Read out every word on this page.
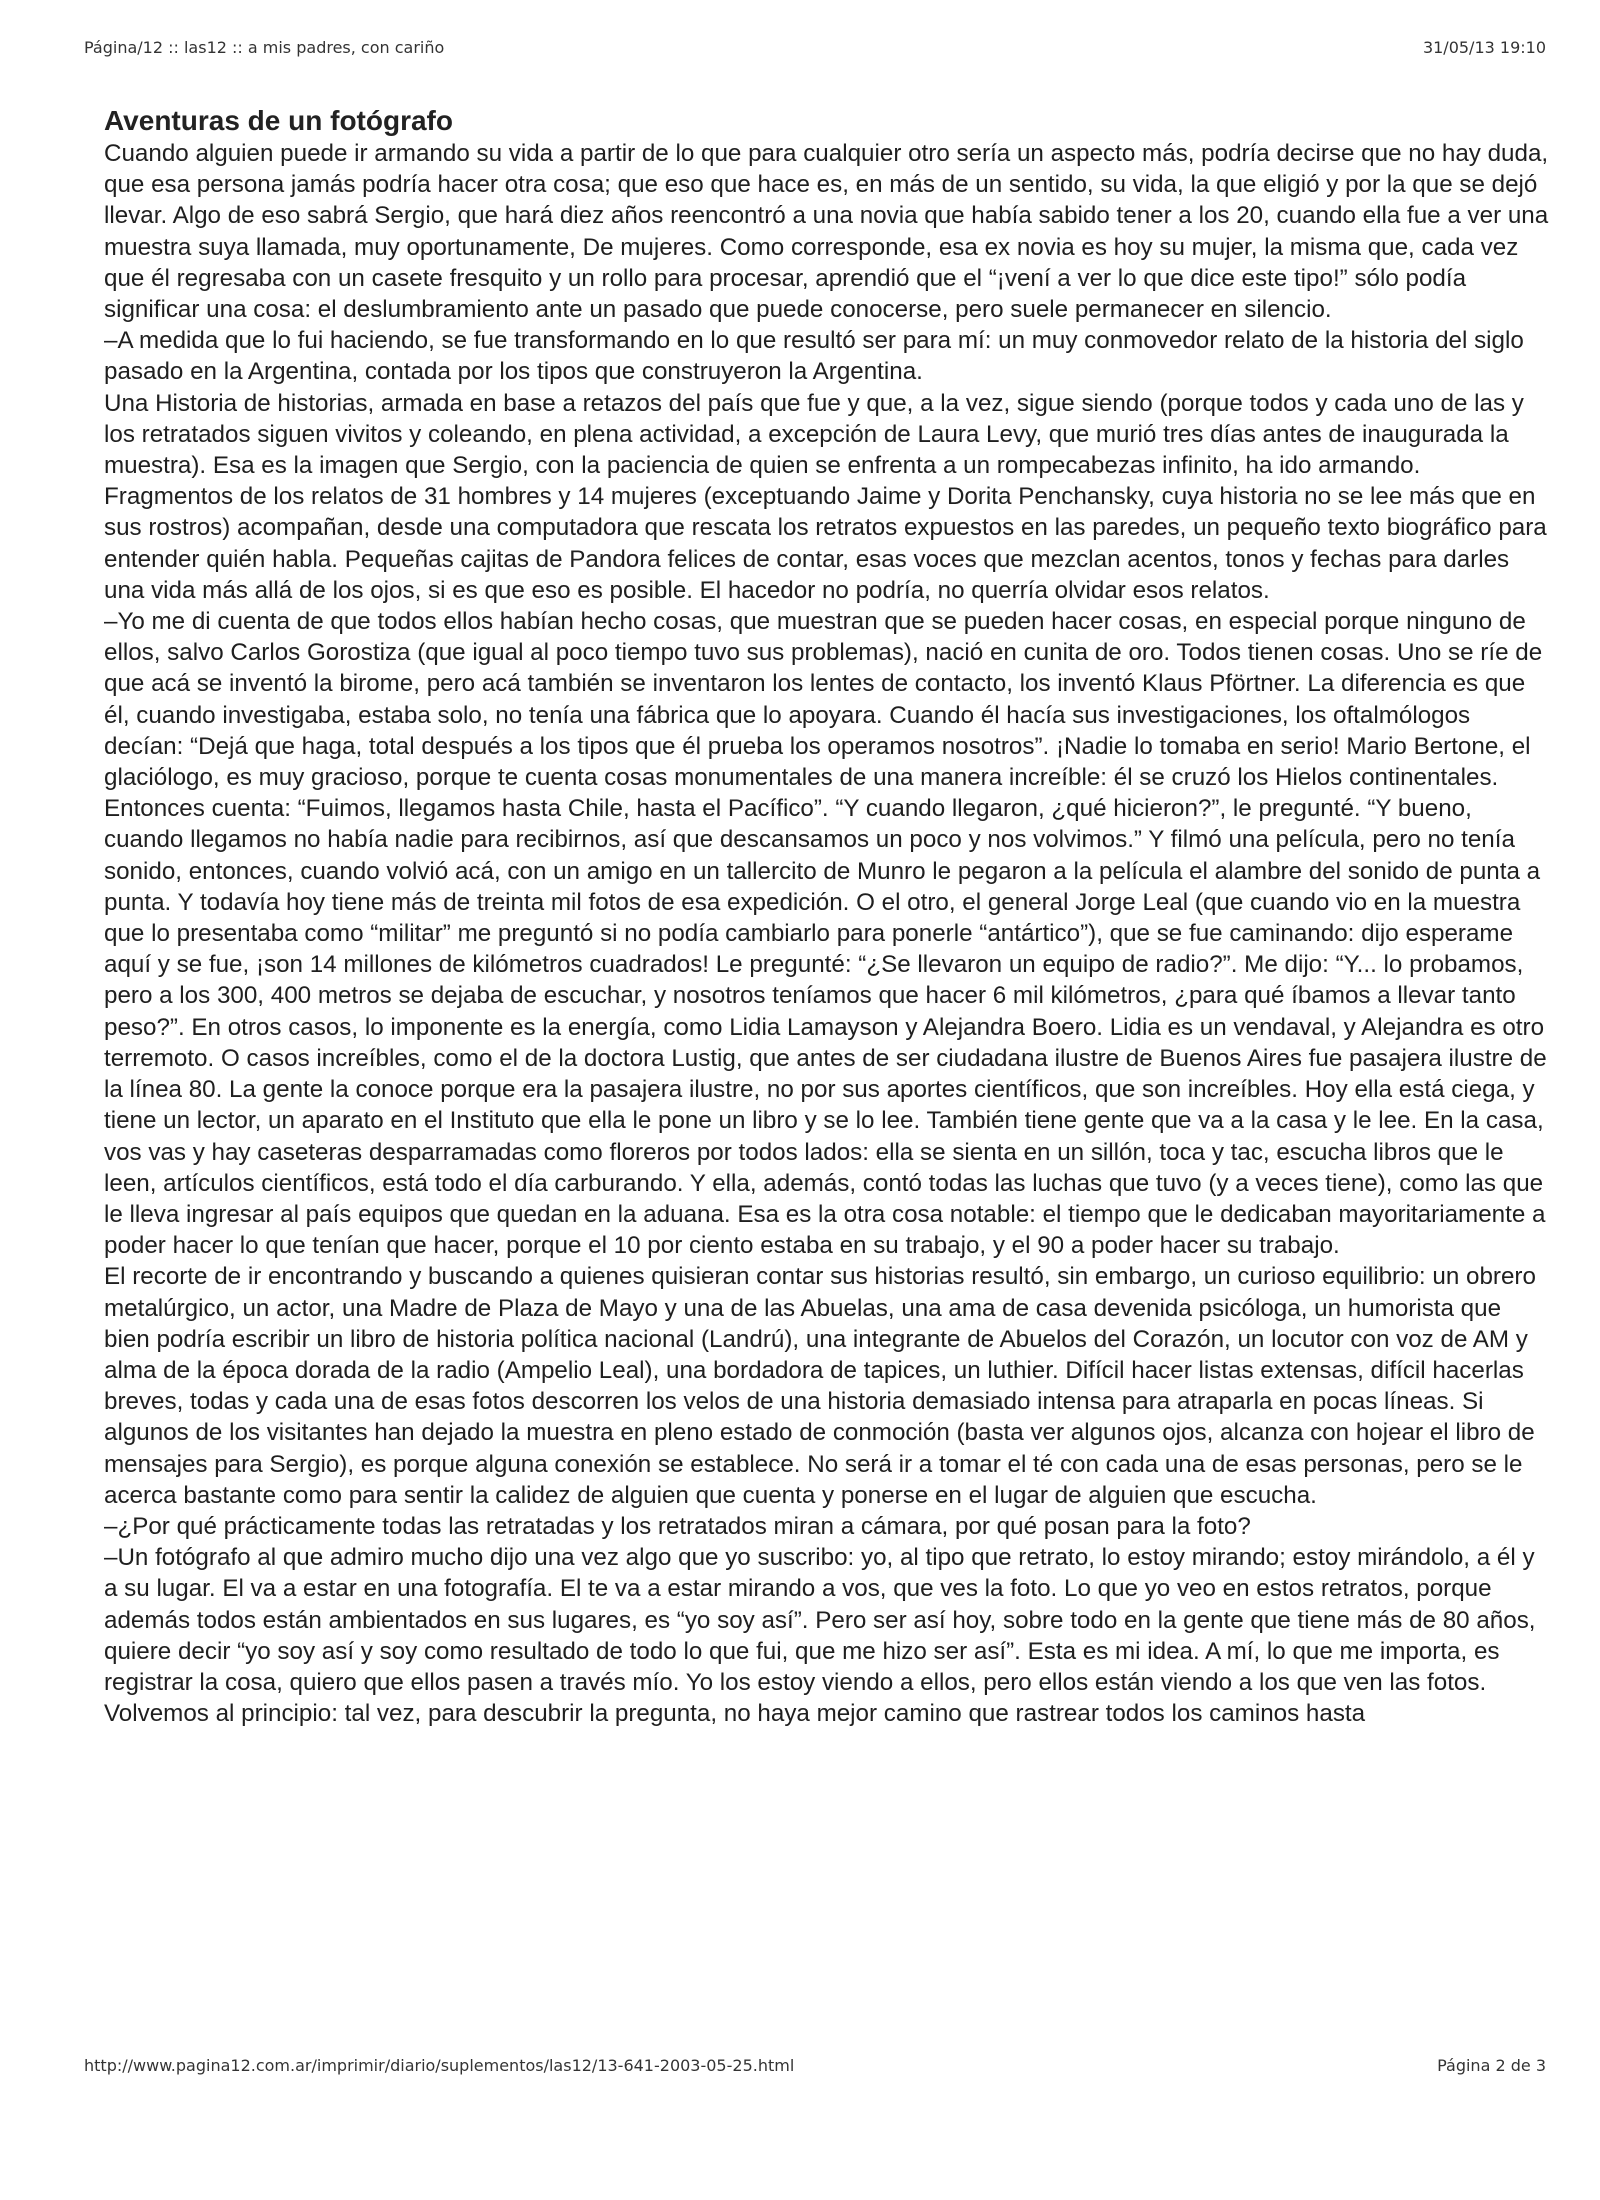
Página/12 :: las12 :: a mis padres, con cariño	31/05/13 19:10
Aventuras de un fotógrafo

Cuando alguien puede ir armando su vida a partir de lo que para cualquier otro sería un aspecto más, podría decirse que no hay duda, que esa persona jamás podría hacer otra cosa; que eso que hace es, en más de un sentido, su vida, la que eligió y por la que se dejó llevar. Algo de eso sabrá Sergio, que hará diez años reencontró a una novia que había sabido tener a los 20, cuando ella fue a ver una muestra suya llamada, muy oportunamente, De mujeres. Como corresponde, esa ex novia es hoy su mujer, la misma que, cada vez que él regresaba con un casete fresquito y un rollo para procesar, aprendió que el “¡vení a ver lo que dice este tipo!” sólo podía significar una cosa: el deslumbramiento ante un pasado que puede conocerse, pero suele permanecer en silencio.

–A medida que lo fui haciendo, se fue transformando en lo que resultó ser para mí: un muy conmovedor relato de la historia del siglo pasado en la Argentina, contada por los tipos que construyeron la Argentina.

Una Historia de historias, armada en base a retazos del país que fue y que, a la vez, sigue siendo (porque todos y cada uno de las y los retratados siguen vivitos y coleando, en plena actividad, a excepción de Laura Levy, que murió tres días antes de inaugurada la muestra). Esa es la imagen que Sergio, con la paciencia de quien se enfrenta a un rompecabezas infinito, ha ido armando. Fragmentos de los relatos de 31 hombres y 14 mujeres (exceptuando Jaime y Dorita Penchansky, cuya historia no se lee más que en sus rostros) acompañan, desde una computadora que rescata los retratos expuestos en las paredes, un pequeño texto biográfico para entender quién habla. Pequeñas cajitas de Pandora felices de contar, esas voces que mezclan acentos, tonos y fechas para darles una vida más allá de los ojos, si es que eso es posible. El hacedor no podría, no querría olvidar esos relatos.

–Yo me di cuenta de que todos ellos habían hecho cosas, que muestran que se pueden hacer cosas, en especial porque ninguno de ellos, salvo Carlos Gorostiza (que igual al poco tiempo tuvo sus problemas), nació en cunita de oro. Todos tienen cosas. Uno se ríe de que acá se inventó la birome, pero acá también se inventaron los lentes de contacto, los inventó Klaus Pförtner. La diferencia es que él, cuando investigaba, estaba solo, no tenía una fábrica que lo apoyara. Cuando él hacía sus investigaciones, los oftalmólogos decían: “Dejá que haga, total después a los tipos que él prueba los operamos nosotros”. ¡Nadie lo tomaba en serio! Mario Bertone, el glaciólogo, es muy gracioso, porque te cuenta cosas monumentales de una manera increíble: él se cruzó los Hielos continentales. Entonces cuenta: “Fuimos, llegamos hasta Chile, hasta el Pacífico”. “Y cuando llegaron, ¿qué hicieron?”, le pregunté. “Y bueno, cuando llegamos no había nadie para recibirnos, así que descansamos un poco y nos volvimos.” Y filmó una película, pero no tenía sonido, entonces, cuando volvió acá, con un amigo en un tallercito de Munro le pegaron a la película el alambre del sonido de punta a punta. Y todavía hoy tiene más de treinta mil fotos de esa expedición. O el otro, el general Jorge Leal (que cuando vio en la muestra que lo presentaba como “militar” me preguntó si no podía cambiarlo para ponerle “antártico”), que se fue caminando: dijo esperame aquí y se fue, ¡son 14 millones de kilómetros cuadrados! Le pregunté: “¿Se llevaron un equipo de radio?”. Me dijo: “Y... lo probamos, pero a los 300, 400 metros se dejaba de escuchar, y nosotros teníamos que hacer 6 mil kilómetros, ¿para qué íbamos a llevar tanto peso?”. En otros casos, lo imponente es la energía, como Lidia Lamayson y Alejandra Boero. Lidia es un vendaval, y Alejandra es otro terremoto. O casos increíbles, como el de la doctora Lustig, que antes de ser ciudadana ilustre de Buenos Aires fue pasajera ilustre de la línea 80. La gente la conoce porque era la pasajera ilustre, no por sus aportes científicos, que son increíbles. Hoy ella está ciega, y tiene un lector, un aparato en el Instituto que ella le pone un libro y se lo lee. También tiene gente que va a la casa y le lee. En la casa, vos vas y hay caseteras desparramadas como floreros por todos lados: ella se sienta en un sillón, toca y tac, escucha libros que le leen, artículos científicos, está todo el día carburando. Y ella, además, contó todas las luchas que tuvo (y a veces tiene), como las que le lleva ingresar al país equipos que quedan en la aduana. Esa es la otra cosa notable: el tiempo que le dedicaban mayoritariamente a poder hacer lo que tenían que hacer, porque el 10 por ciento estaba en su trabajo, y el 90 a poder hacer su trabajo.

El recorte de ir encontrando y buscando a quienes quisieran contar sus historias resultó, sin embargo, un curioso equilibrio: un obrero metalúrgico, un actor, una Madre de Plaza de Mayo y una de las Abuelas, una ama de casa devenida psicóloga, un humorista que bien podría escribir un libro de historia política nacional (Landrú), una integrante de Abuelos del Corazón, un locutor con voz de AM y alma de la época dorada de la radio (Ampelio Leal), una bordadora de tapices, un luthier. Difícil hacer listas extensas, difícil hacerlas breves, todas y cada una de esas fotos descorren los velos de una historia demasiado intensa para atraparla en pocas líneas. Si algunos de los visitantes han dejado la muestra en pleno estado de conmoción (basta ver algunos ojos, alcanza con hojear el libro de mensajes para Sergio), es porque alguna conexión se establece. No será ir a tomar el té con cada una de esas personas, pero se le acerca bastante como para sentir la calidez de alguien que cuenta y ponerse en el lugar de alguien que escucha.

–¿Por qué prácticamente todas las retratadas y los retratados miran a cámara, por qué posan para la foto?

–Un fotógrafo al que admiro mucho dijo una vez algo que yo suscribo: yo, al tipo que retrato, lo estoy mirando; estoy mirándolo, a él y a su lugar. El va a estar en una fotografía. El te va a estar mirando a vos, que ves la foto. Lo que yo veo en estos retratos, porque además todos están ambientados en sus lugares, es “yo soy así”. Pero ser así hoy, sobre todo en la gente que tiene más de 80 años, quiere decir “yo soy así y soy como resultado de todo lo que fui, que me hizo ser así”. Esta es mi idea. A mí, lo que me importa, es registrar la cosa, quiero que ellos pasen a través mío. Yo los estoy viendo a ellos, pero ellos están viendo a los que ven las fotos.

Volvemos al principio: tal vez, para descubrir la pregunta, no haya mejor camino que rastrear todos los caminos hasta

http://www.pagina12.com.ar/imprimir/diario/suplementos/las12/13-641-2003-05-25.html	Página 2 de 3
